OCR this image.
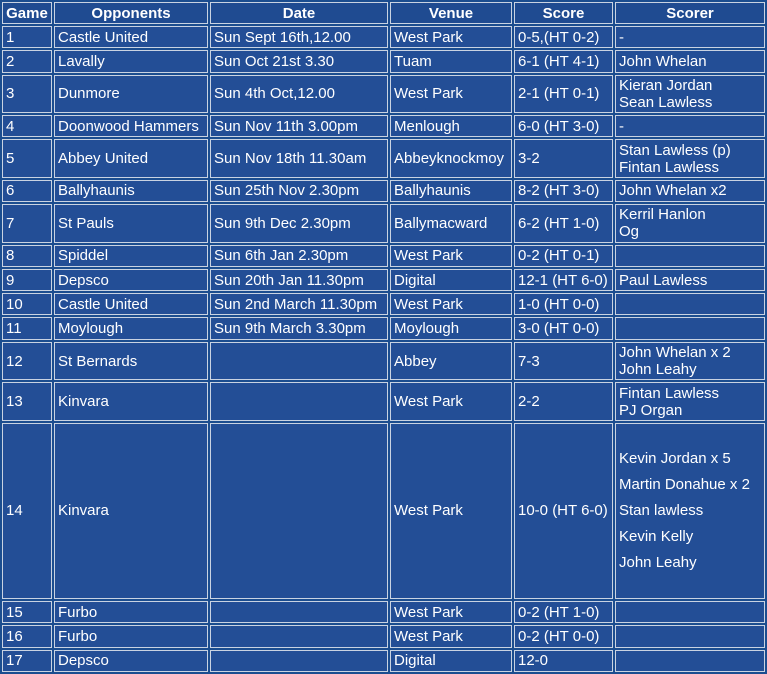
Game	Opponents	Date	Venue	Score	Scorer
1	Castle United	Sun Sept 16th,12.00	West Park	0-5,(HT 0-2)	-

2	Lavally	Sun Oct 21st 3.30	Tuam	6-1 (HT 4-1)	John Whelan

3	Dunmore	Sun 4th Oct,12.00	West Park	2-1 (HT 0-1)	Kieran Jordan
Sean Lawless

4	Doonwood Hammers	Sun Nov 11th 3.00pm	Menlough	6-0 (HT 3-0)	-

5	Abbey United	Sun Nov 18th 11.30am	Abbeyknockmoy	3-2	Stan Lawless (p)
Fintan Lawless

6	Ballyhaunis	Sun 25th Nov 2.30pm	Ballyhaunis	8-2 (HT 3-0)	John Whelan x2

7	St Pauls	Sun 9th Dec 2.30pm	Ballymacward	6-2 (HT 1-0)	Kerril Hanlon
Og

8	Spiddel	Sun 6th Jan 2.30pm	West Park	0-2 (HT 0-1)	
9	Depsco	Sun 20th Jan 11.30pm	Digital	12-1 (HT 6-0)	Paul Lawless

10	Castle United	Sun 2nd March 11.30pm	West Park	1-0 (HT 0-0)	
11	Moylough	Sun 9th March 3.30pm	Moylough	3-0 (HT 0-0)	
12	St Bernards		Abbey	7-3	John Whelan x 2
John Leahy

13	Kinvara		West Park	2-2	Fintan Lawless
PJ Organ

14	Kinvara		West Park	10-0 (HT 6-0)	Kevin Jordan x 5
Martin Donahue x 2
Stan lawless
Kevin Kelly
John Leahy

15	Furbo		West Park	0-2 (HT 1-0)	
16	Furbo		West Park	0-2 (HT 0-0)	
17	Depsco		Digital	12-0	
